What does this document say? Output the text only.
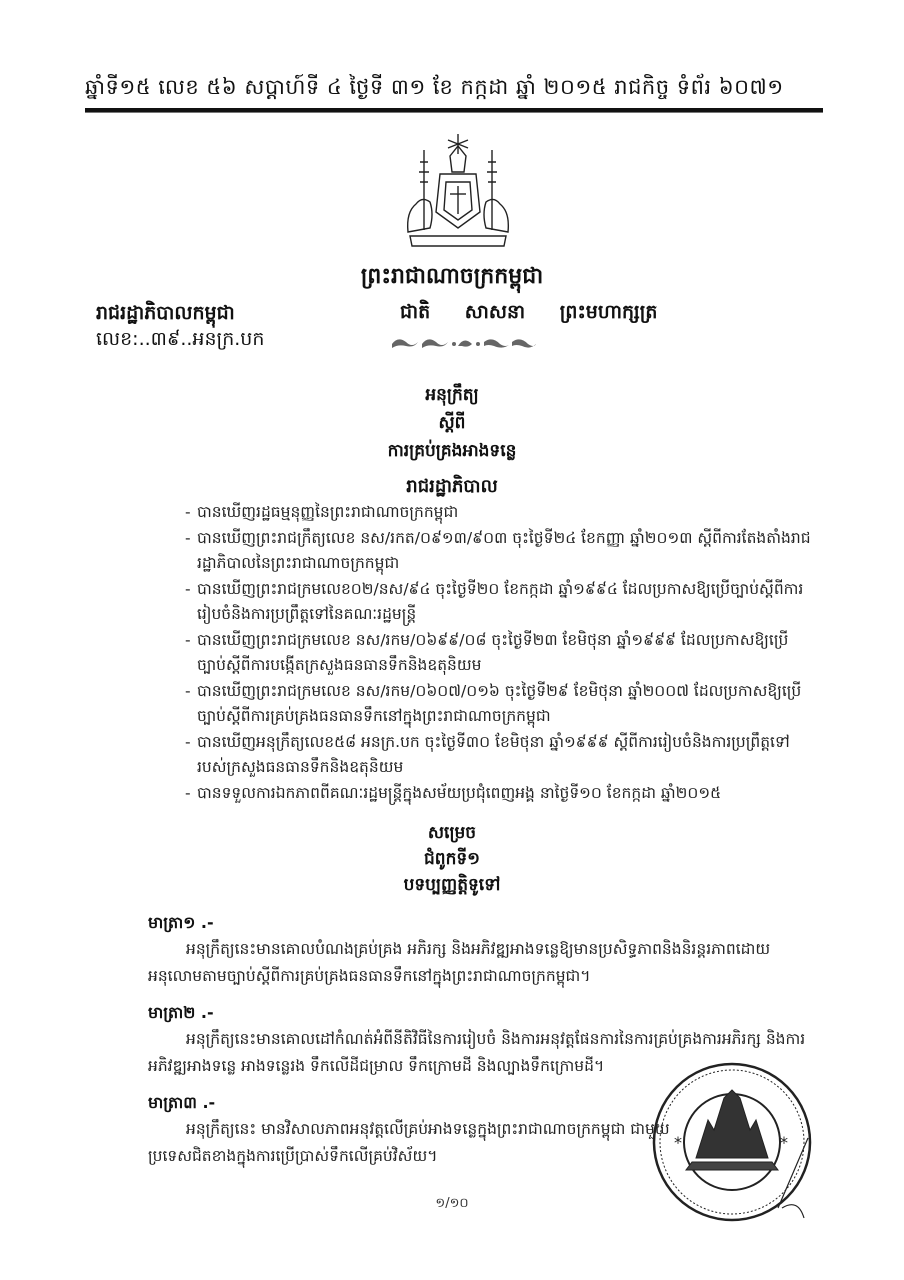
ឆ្នាំទី១៥ លេខ ៥៦ សប្តាហ៍ទី ៤ ថ្ងៃទី ៣១ ខែ កក្កដា ឆ្នាំ ២០១៥ រាជកិច្ច ទំព័រ ៦០៧១
ព្រះរាជាណាចក្រកម្ពុជា
រាជរដ្ឋាភិបាលកម្ពុជា
លេខ:..៣៩..អនក្រ.បក
ជាតិ សាសនា ព្រះមហាក្សត្រ
អនុក្រឹត្យ
ស្តីពី
ការគ្រប់គ្រងអាងទន្លេ
រាជរដ្ឋាភិបាល
- បានឃើញរដ្ឋធម្មនុញ្ញនៃព្រះរាជាណាចក្រកម្ពុជា
- បានឃើញព្រះរាជក្រឹត្យលេខ នស/រកត/០៩១៣/៩០៣ ចុះថ្ងៃទី២៤ ខែកញ្ញា ឆ្នាំ២០១៣ ស្តីពីការតែងតាំងរាជរដ្ឋាភិបាលនៃព្រះរាជាណាចក្រកម្ពុជា
- បានឃើញព្រះរាជក្រមលេខ០២/នស/៩៤ ចុះថ្ងៃទី២០ ខែកក្កដា ឆ្នាំ១៩៩៤ ដែលប្រកាសឱ្យប្រើច្បាប់ស្តីពីការរៀបចំនិងការប្រព្រឹត្តទៅនៃគណៈរដ្ឋមន្ត្រី
- បានឃើញព្រះរាជក្រមលេខ នស/រកម/០៦៩៩/០៨ ចុះថ្ងៃទី២៣ ខែមិថុនា ឆ្នាំ១៩៩៩ ដែលប្រកាសឱ្យប្រើច្បាប់ស្តីពីការបង្កើតក្រសួងធនធានទឹកនិងឧតុនិយម
- បានឃើញព្រះរាជក្រមលេខ នស/រកម/០៦០៧/០១៦ ចុះថ្ងៃទី២៩ ខែមិថុនា ឆ្នាំ២០០៧ ដែលប្រកាសឱ្យប្រើច្បាប់ស្តីពីការគ្រប់គ្រងធនធានទឹកនៅក្នុងព្រះរាជាណាចក្រកម្ពុជា
- បានឃើញអនុក្រឹត្យលេខ៥៨ អនក្រ.បក ចុះថ្ងៃទី៣០ ខែមិថុនា ឆ្នាំ១៩៩៩ ស្តីពីការរៀបចំនិងការប្រព្រឹត្តទៅរបស់ក្រសួងធនធានទឹកនិងឧតុនិយម
- បានទទួលការឯកភាពពីគណៈរដ្ឋមន្ត្រីក្នុងសម័យប្រជុំពេញអង្គ នាថ្ងៃទី១០ ខែកក្កដា ឆ្នាំ២០១៥
សម្រេច
ជំពូកទី១
បទប្បញ្ញត្តិទូទៅ
មាត្រា១ .-
អនុក្រឹត្យនេះមានគោលបំណងគ្រប់គ្រង អភិរក្ស និងអភិវឌ្ឍអាងទន្លេឱ្យមានប្រសិទ្ធភាពនិងនិរន្តរភាពដោយអនុលោមតាមច្បាប់ស្តីពីការគ្រប់គ្រងធនធានទឹកនៅក្នុងព្រះរាជាណាចក្រកម្ពុជា។
មាត្រា២ .-
អនុក្រឹត្យនេះមានគោលដៅកំណត់អំពីនីតិវិធីនៃការរៀបចំ និងការអនុវត្តផែនការនៃការគ្រប់គ្រងការអភិរក្ស និងការអភិវឌ្ឍអាងទន្លេ អាងទន្លេរង ទឹកលើដីជម្រាល ទឹកក្រោមដី និងល្បាងទឹកក្រោមដី។
មាត្រា៣ .-
អនុក្រឹត្យនេះ មានវិសាលភាពអនុវត្តលើគ្រប់អាងទន្លេក្នុងព្រះរាជាណាចក្រកម្ពុជា ជាមួយប្រទេសជិតខាងក្នុងការប្រើប្រាស់ទឹកលើគ្រប់វិស័យ។
*	*
១/១០
